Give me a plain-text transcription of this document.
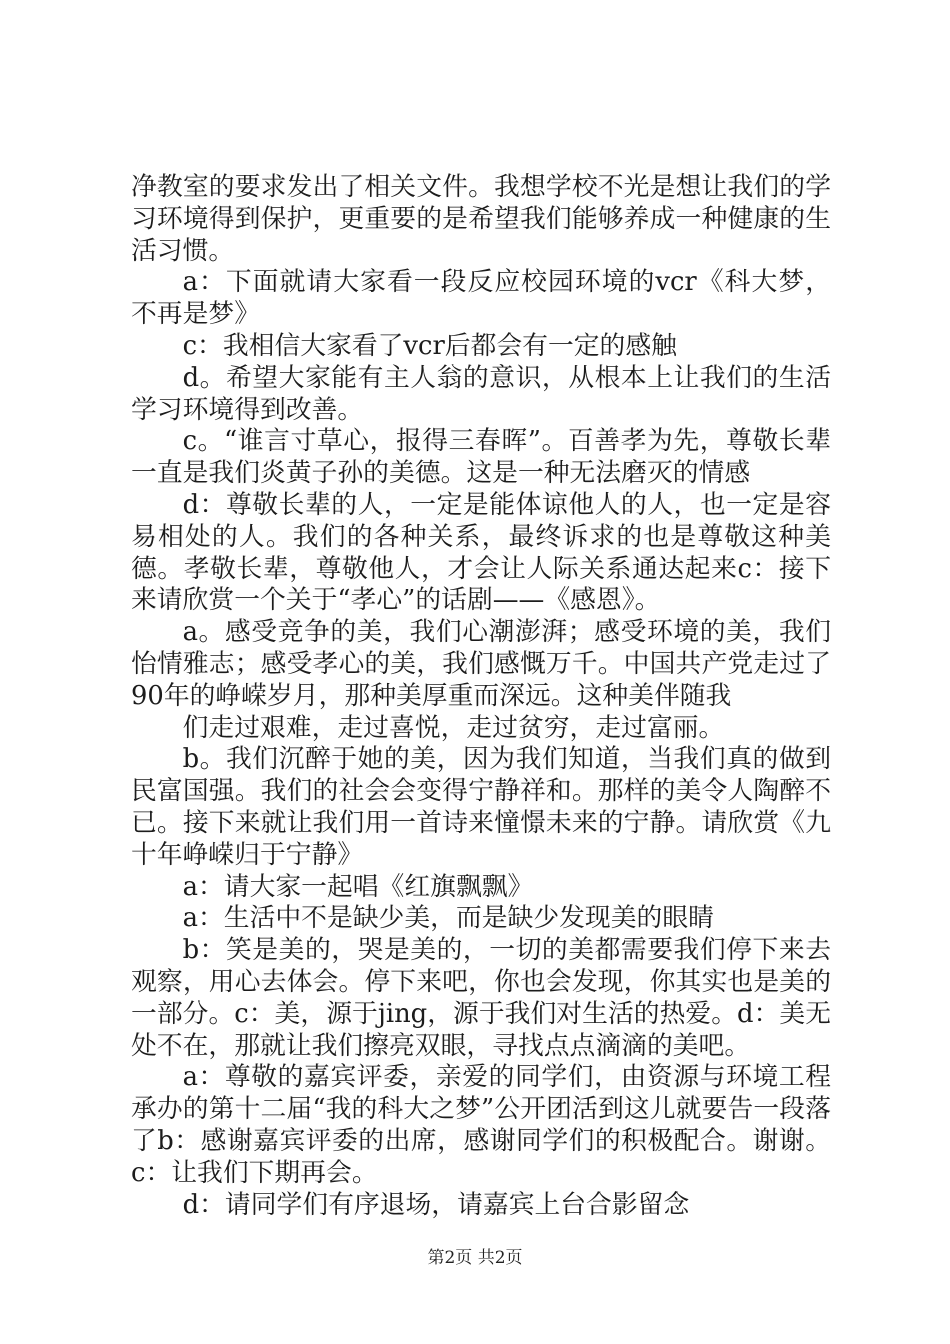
净教室的要求发出了相关文件。我想学校不光是想让我们的学习环境得到保护，更重要的是希望我们能够养成一种健康的生活习惯。

a：下面就请大家看一段反应校园环境的vcr《科大梦，不再是梦》

c：我相信大家看了vcr后都会有一定的感触

d。希望大家能有主人翁的意识，从根本上让我们的生活学习环境得到改善。

c。“谁言寸草心，报得三春晖”。百善孝为先，尊敬长辈一直是我们炎黄子孙的美德。这是一种无法磨灭的情感

d：尊敬长辈的人，一定是能体谅他人的人，也一定是容易相处的人。我们的各种关系，最终诉求的也是尊敬这种美德。孝敬长辈，尊敬他人，才会让人际关系通达起来c：接下来请欣赏一个关于“孝心”的话剧——《感恩》。

a。感受竞争的美，我们心潮澎湃；感受环境的美，我们怡情雅志；感受孝心的美，我们感慨万千。中国共产党走过了90年的峥嵘岁月，那种美厚重而深远。这种美伴随我

们走过艰难，走过喜悦，走过贫穷，走过富丽。

b。我们沉醉于她的美，因为我们知道，当我们真的做到民富国强。我们的社会会变得宁静祥和。那样的美令人陶醉不已。接下来就让我们用一首诗来憧憬未来的宁静。请欣赏《九十年峥嵘归于宁静》

a：请大家一起唱《红旗飘飘》

a：生活中不是缺少美，而是缺少发现美的眼睛

b：笑是美的，哭是美的，一切的美都需要我们停下来去观察，用心去体会。停下来吧，你也会发现，你其实也是美的一部分。c：美，源于jing，源于我们对生活的热爱。d：美无处不在，那就让我们擦亮双眼，寻找点点滴滴的美吧。

a：尊敬的嘉宾评委，亲爱的同学们，由资源与环境工程承办的第十二届“我的科大之梦”公开团活到这儿就要告一段落了b：感谢嘉宾评委的出席，感谢同学们的积极配合。谢谢。c：让我们下期再会。

d：请同学们有序退场，请嘉宾上台合影留念

第2页 共2页
